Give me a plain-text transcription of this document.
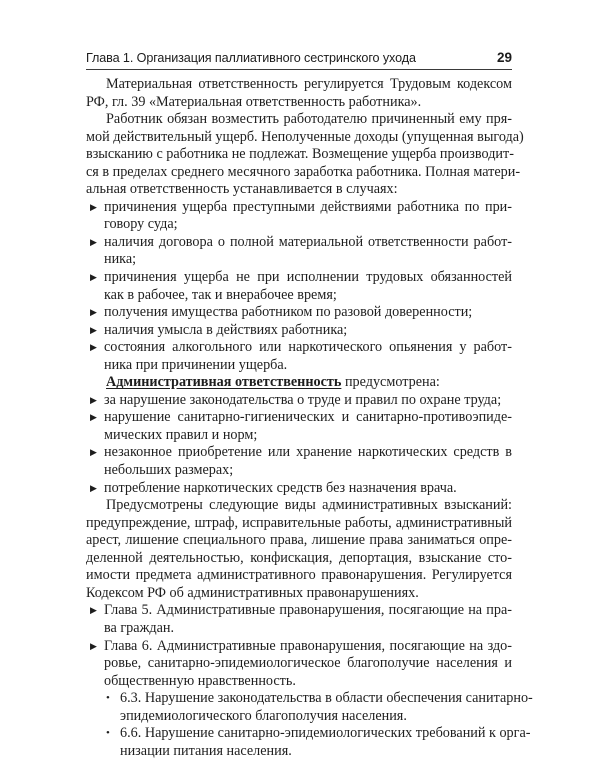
Глава 1. Организация паллиативного сестринского ухода	29
Материальная ответственность регулируется Трудовым кодексом
РФ, гл. 39 «Материальная ответственность работника».
Работник обязан возместить работодателю причиненный ему пря-
мой действительный ущерб. Неполученные доходы (упущенная выгода)
взысканию с работника не подлежат. Возмещение ущерба производит-
ся в пределах среднего месячного заработка работника. Полная матери-
альная ответственность устанавливается в случаях:
▶ причинения ущерба преступными действиями работника по при-
говору суда;
▶ наличия договора о полной материальной ответственности работ-
ника;
▶ причинения ущерба не при исполнении трудовых обязанностей
как в рабочее, так и внерабочее время;
▶ получения имущества работником по разовой доверенности;
▶ наличия умысла в действиях работника;
▶ состояния алкогольного или наркотического опьянения у работ-
ника при причинении ущерба.
Административная ответственность предусмотрена:
▶ за нарушение законодательства о труде и правил по охране труда;
▶ нарушение санитарно-гигиенических и санитарно-противоэпиде-
мических правил и норм;
▶ незаконное приобретение или хранение наркотических средств в
небольших размерах;
▶ потребление наркотических средств без назначения врача.
Предусмотрены следующие виды административных взысканий:
предупреждение, штраф, исправительные работы, административный
арест, лишение специального права, лишение права заниматься опре-
деленной деятельностью, конфискация, депортация, взыскание сто-
имости предмета административного правонарушения. Регулируется
Кодексом РФ об административных правонарушениях.
▶ Глава 5. Административные правонарушения, посягающие на пра-
ва граждан.
▶ Глава 6. Административные правонарушения, посягающие на здо-
ровье, санитарно-эпидемиологическое благополучие населения и
общественную нравственность.
• 6.3. Нарушение законодательства в области обеспечения санитарно-
эпидемиологического благополучия населения.
• 6.6. Нарушение санитарно-эпидемиологических требований к орга-
низации питания населения.
